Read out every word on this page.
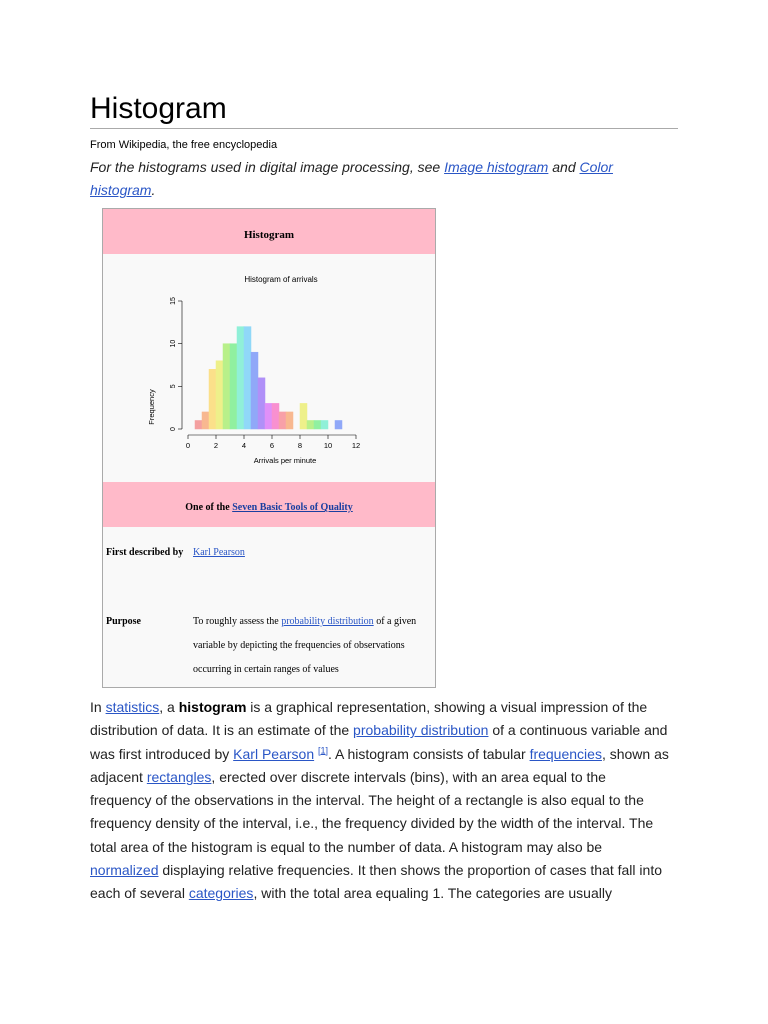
Histogram
From Wikipedia, the free encyclopedia
For the histograms used in digital image processing, see Image histogram and Color histogram.
Histogram
Histogram of arrivals
0	2	4	6	8	10	12
0
5
10
15
Arrivals per minute
Frequency
One of the Seven Basic Tools of Quality
First described by Karl Pearson
Purpose	To roughly assess the probability distribution of a given variable by depicting the frequencies of observations occurring in certain ranges of values
In statistics, a histogram is a graphical representation, showing a visual impression of the distribution of data. It is an estimate of the probability distribution of a continuous variable and was first introduced by Karl Pearson [1]. A histogram consists of tabular frequencies, shown as adjacent rectangles, erected over discrete intervals (bins), with an area equal to the frequency of the observations in the interval. The height of a rectangle is also equal to the frequency density of the interval, i.e., the frequency divided by the width of the interval. The total area of the histogram is equal to the number of data. A histogram may also be normalized displaying relative frequencies. It then shows the proportion of cases that fall into each of several categories, with the total area equaling 1. The categories are usually
